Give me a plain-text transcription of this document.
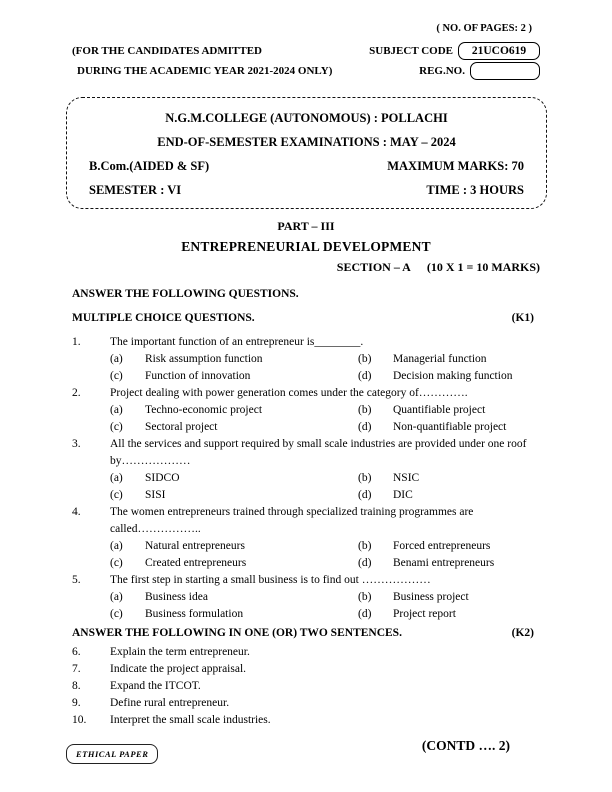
( NO. OF PAGES: 2 )
(FOR THE CANDIDATES ADMITTED	SUBJECT CODE	21UCO619
DURING THE ACADEMIC YEAR 2021-2024 ONLY)	REG.NO.
N.G.M.COLLEGE (AUTONOMOUS) : POLLACHI
END-OF-SEMESTER EXAMINATIONS : MAY – 2024
B.Com.(AIDED & SF)	MAXIMUM MARKS: 70
SEMESTER : VI	TIME : 3 HOURS
PART – III
ENTREPRENEURIAL DEVELOPMENT
SECTION – A (10 X 1 = 10 MARKS)
ANSWER THE FOLLOWING QUESTIONS.
MULTIPLE CHOICE QUESTIONS.	(K1)
1.	The important function of an entrepreneur is________.
(a)	Risk assumption function	(b)	Managerial function
(c)	Function of innovation	(d)	Decision making function
2.	Project dealing with power generation comes under the category of………….
(a)	Techno-economic project	(b)	Quantifiable project
(c)	Sectoral project	(d)	Non-quantifiable project
3.	All the services and support required by small scale industries are provided under one roof by………………
(a)	SIDCO	(b)	NSIC
(c)	SISI	(d)	DIC
4.	The women entrepreneurs trained through specialized training programmes are called……………..
(a)	Natural entrepreneurs	(b)	Forced entrepreneurs
(c)	Created entrepreneurs	(d)	Benami entrepreneurs
5.	The first step in starting a small business is to find out ………………
(a)	Business idea	(b)	Business project
(c)	Business formulation	(d)	Project report
ANSWER THE FOLLOWING IN ONE (OR) TWO SENTENCES.	(K2)
6.	Explain the term entrepreneur.
7.	Indicate the project appraisal.
8.	Expand the ITCOT.
9.	Define rural entrepreneur.
10.	Interpret the small scale industries.
(CONTD …. 2)
ETHICAL PAPER
